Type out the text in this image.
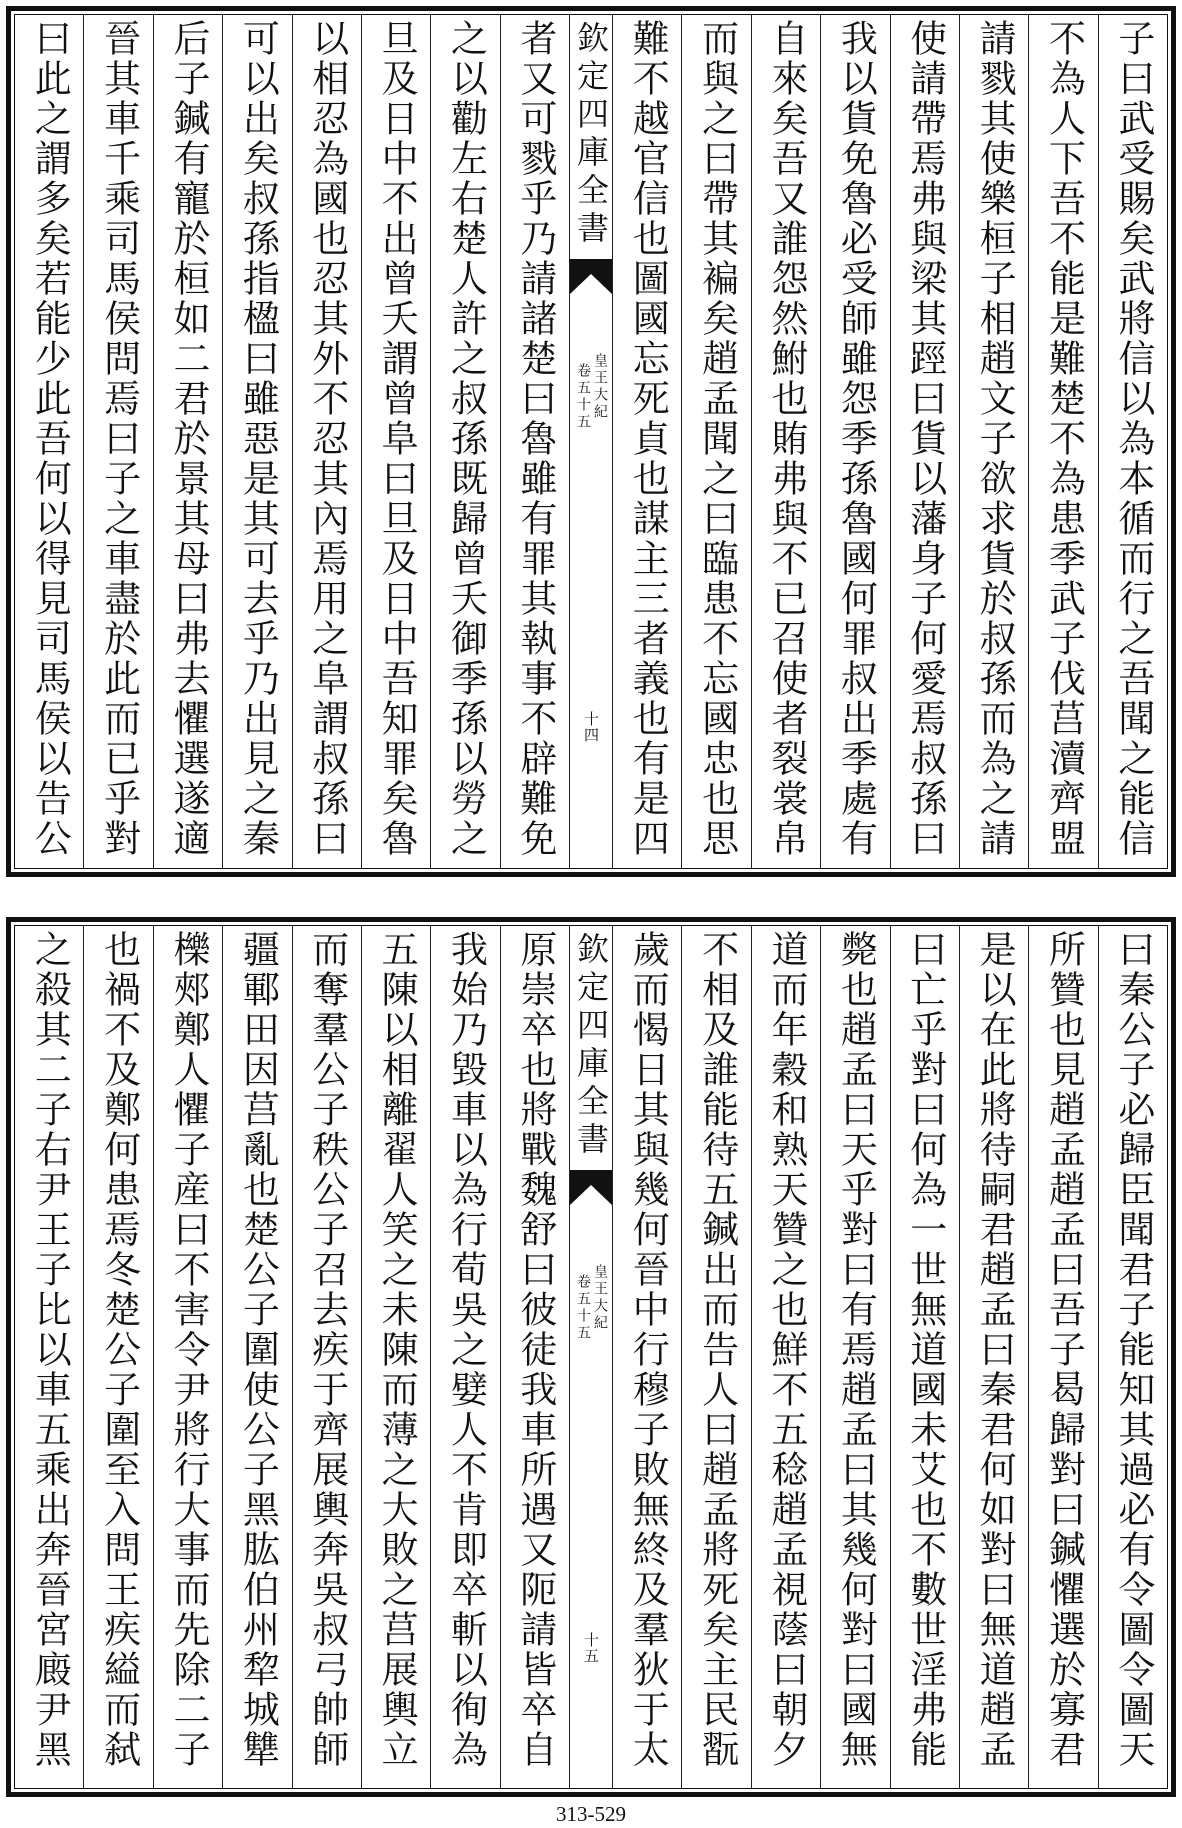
子曰武受賜矣武將信以為本循而行之吾聞之能信
不為人下吾不能是難楚不為患季武子伐莒瀆齊盟
請戮其使樂桓子相趙文子欲求貨於叔孫而為之請
使請帶焉弗與梁其踁曰貨以藩身子何愛焉叔孫曰
我以貨免魯必受師雖怨季孫魯國何罪叔出季處有
自來矣吾又誰怨然鮒也賄弗與不已召使者裂裳帛
而與之曰帶其褊矣趙孟聞之曰臨患不忘國忠也思
難不越官信也圖國忘死貞也謀主三者義也有是四
欽定四庫全書
皇王大紀
卷五十五
十四
者又可戮乎乃請諸楚曰魯雖有罪其執事不辟難免
之以勸左右楚人許之叔孫既歸曾夭御季孫以勞之
旦及日中不出曾夭謂曾阜曰旦及日中吾知罪矣魯
以相忍為國也忍其外不忍其內焉用之阜謂叔孫曰
可以出矣叔孫指楹曰雖惡是其可去乎乃出見之秦
后子鍼有寵於桓如二君於景其母曰弗去懼選遂適
晉其車千乘司馬侯問焉曰子之車盡於此而已乎對
曰此之謂多矣若能少此吾何以得見司馬侯以告公
曰秦公子必歸臣聞君子能知其過必有令圖令圖天
所贊也見趙孟趙孟曰吾子曷歸對曰鍼懼選於寡君
是以在此將待嗣君趙孟曰秦君何如對曰無道趙孟
曰亡乎對曰何為一世無道國未艾也不數世淫弗能
斃也趙孟曰天乎對曰有焉趙孟曰其幾何對曰國無
道而年穀和熟天贊之也鮮不五稔趙孟視蔭曰朝夕
不相及誰能待五鍼出而告人曰趙孟將死矣主民翫
歲而愒日其與幾何晉中行穆子敗無終及羣狄于太
欽定四庫全書
皇王大紀
卷五十五
十五
原崇卒也將戰魏舒曰彼徒我車所遇又阨請皆卒自
我始乃毀車以為行荀吳之嬖人不肯即卒斬以徇為
五陳以相離翟人笑之未陳而薄之大敗之莒展輿立
而奪羣公子秩公子召去疾于齊展輿奔吳叔弓帥師
疆鄆田因莒亂也楚公子圍使公子黑肱伯州犂城犨
櫟郟鄭人懼子産曰不害令尹將行大事而先除二子
也禍不及鄭何患焉冬楚公子圍至入問王疾縊而弑
之殺其二子右尹王子比以車五乘出奔晉宮廄尹黑
313-529
